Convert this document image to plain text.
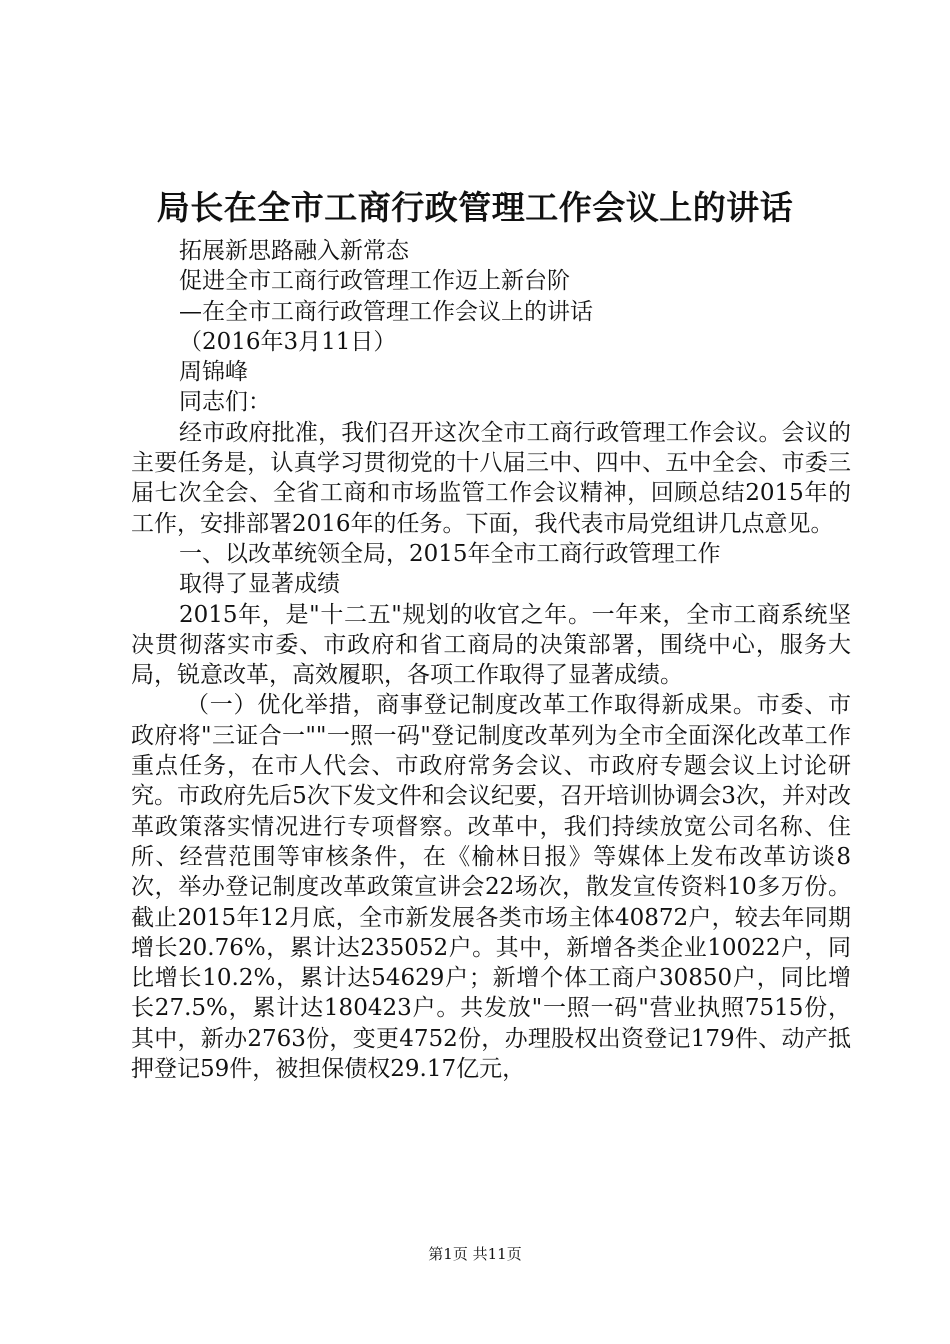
局长在全市工商行政管理工作会议上的讲话
拓展新思路融入新常态
促进全市工商行政管理工作迈上新台阶
—在全市工商行政管理工作会议上的讲话
（2016年3月11日）
周锦峰
同志们：
经市政府批准，我们召开这次全市工商行政管理工作会议。会议的主要任务是，认真学习贯彻党的十八届三中、四中、五中全会、市委三届七次全会、全省工商和市场监管工作会议精神，回顾总结2015年的工作，安排部署2016年的任务。下面，我代表市局党组讲几点意见。
一、以改革统领全局，2015年全市工商行政管理工作
取得了显著成绩
2015年，是"十二五"规划的收官之年。一年来，全市工商系统坚决贯彻落实市委、市政府和省工商局的决策部署，围绕中心，服务大局，锐意改革，高效履职，各项工作取得了显著成绩。
（一）优化举措，商事登记制度改革工作取得新成果。市委、市政府将"三证合一""一照一码"登记制度改革列为全市全面深化改革工作重点任务，在市人代会、市政府常务会议、市政府专题会议上讨论研究。市政府先后5次下发文件和会议纪要，召开培训协调会3次，并对改革政策落实情况进行专项督察。改革中，我们持续放宽公司名称、住所、经营范围等审核条件，在《榆林日报》等媒体上发布改革访谈8次，举办登记制度改革政策宣讲会22场次，散发宣传资料10多万份。截止2015年12月底，全市新发展各类市场主体40872户，较去年同期增长20.76%，累计达235052户。其中，新增各类企业10022户，同比增长10.2%，累计达54629户；新增个体工商户30850户，同比增长27.5%，累计达180423户。共发放"一照一码"营业执照7515份，其中，新办2763份，变更4752份，办理股权出资登记179件、动产抵押登记59件，被担保债权29.17亿元，
第1页 共11页
